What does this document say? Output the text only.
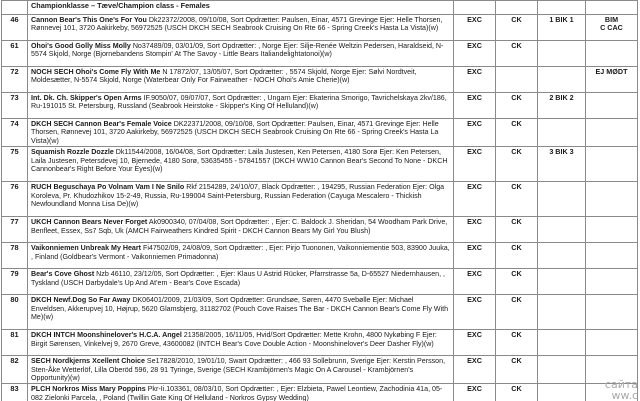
	Championklasse – Tæve/Champion class - Females				
46	Cannon Bear's This One's For You Dk22372/2008, 09/10/08, Sort Opdrætter: Paulsen, Einar, 4571 Grevinge Ejer: Helle Thorsen, Rønnevej 101, 3720 Aakirkeby, 56972525 (USCH DKCH SECH Seabrook Cruising On Rte 66 - Spring Creek's Hasta La Vista)(w)	EXC	CK	1 BIK 1	BIM
C CAC

61	Ohoi's Good Golly Miss Molly No37489/09, 03/01/09, Sort Opdrætter: , Norge Ejer: Silje-Renée Weltzin Pedersen, Haraldseid, N-5574 Skjold, Norge (Bjornebandens Stompin' At The Savoy - Little Bears Italiandelightatonoi)(w)	EXC	CK		
72	NOCH SECH Ohoi's Come Fly With Me N 17872/07, 13/05/07, Sort Opdrætter: , 5574 Skjold, Norge Ejer: Sølvi Nordtveit, Moldesætter, N-5574 Skjold, Norge (Waterbear Only For Fairweather - NOCH Ohoi's Amie Cherie)(w)	EXC			EJ MØDT

73	Int. Dk. Ch. Skipper's Open Arms IF.9050/07, 09/07/07, Sort Opdrætter: , Ungarn Ejer: Ekaterina Smorigo, Tavrichelskaya 2kv/186, Ru-191015 St. Petersburg, Russland (Seabrook Heirstoke - Skipper's King Of Helluland)(w)	EXC	CK	2 BIK 2	
74	DKCH SECH Cannon Bear's Female Voice DK22371/2008, 09/10/08, Sort Opdrætter: Paulsen, Einar, 4571 Grevinge Ejer: Helle Thorsen, Rønnevej 101, 3720 Aakirkeby, 56972525 (USCH DKCH SECH Seabrook Cruising On Rte 66 - Spring Creek's Hasta La Vista)(w)	EXC	CK		
75	Squamish Rozzle Dozzle Dk11544/2008, 16/04/08, Sort Opdrætter: Laila Justesen, Ken Petersen, 4180 Sorø Ejer: Ken Petersen, Laila Justesen, Petersdevej 10, Bjernede, 4180 Sorø, 53635455 - 57841557 (DKCH WW10 Cannon Bear's Second To None - DKCH Cannonbear's Right Before Your Eyes)(w)	EXC	CK	3 BIK 3	
76	RUCH Beguschaya Po Volnam Vam I Ne Snilo Rkf 2154289, 24/10/07, Black Opdrætter: , 194295, Russian Federation Ejer: Olga Koroleva, Pr. Khudozhikov 15-2-49, Russia, Ru-199004 Saint-Petersburg, Russian Federation (Cayuga Mescalero - Thickish Newfoundland Monna Lisa De)(w)	EXC	CK		
77	UKCH Cannon Bears Never Forget Ak0900340, 07/04/08, Sort Opdrætter: , Ejer: C. Baldock J. Sheridan, 54 Woodham Park Drive, Benfleet, Essex, Ss7 Sqb, Uk (AMCH Fairweathers Kindred Spirit - DKCH Cannon Bears My Girl You Blush)	EXC	CK		
78	Vaikonniemen Unbreak My Heart Fi47502/09, 24/08/09, Sort Opdrætter: , Ejer: Pirjo Tuononen, Vaikonniementie 503, 83900 Juuka, , Finland (Goldbear's Vermont - Vaikonniemen Primadonna)	EXC	CK		
79	Bear's Cove Ghost Nzb 46110, 23/12/05, Sort Opdrætter: , Ejer: Klaus U Astrid Rücker, Pfarrstrasse 5a, D-65527 Niedernhausen, , Tyskland (USCH Darbydale's Up And At'em - Bear's Cove Escada)	EXC	CK		
80	DKCH Newf.Dog So Far Away DK06401/2009, 21/03/09, Sort Opdrætter: Grundsøe, Søren, 4470 Svebølle Ejer: Michael Enveldsen, Akkerupvej 10, Højrup, 5620 Glamsbjerg, 31182702 (Pouch Cove Raises The Bar - DKCH Cannon Bear's Come Fly With Me)(w)	EXC	CK		
81	DKCH INTCH Moonshinelover's H.C.A. Angel 21358/2005, 16/11/05, Hvid/Sort Opdrætter: Mette Krohn, 4800 Nykøbing F Ejer: Birgit Sørensen, Vinkelvej 9, 2670 Greve, 43600082 (INTCH Bear's Cove Double Action - Moonshinelover's Deer Dasher Fly)(w)	EXC	CK		
82	SECH Nordkjerns Xcellent Choice Se17828/2010, 19/01/10, Swart Opdrætter: , 466 93 Sollebrunn, Sverige Ejer: Kerstin Persson, Sten-Åke Wetterlöf, Lilla Oberöd 596, 28 91 Tyringe, Sverige (SECH Krambjörnen's Magic On A Carousel - Krambjörnen's Opportunity)(w)	EXC	CK		
83	PLCH Norkros Miss Mary Poppins Pkr-Ii.103361, 08/03/10, Sort Opdrætter: , Ejer: Elzbieta, Pawel Leontiew, Zachodinia 41a, 05-082 Zielonki Parcela, , Poland (Twillin Gate King Of Helluland - Norkros Gypsy Wedding)	EXC	CK			сайта
ww.c
